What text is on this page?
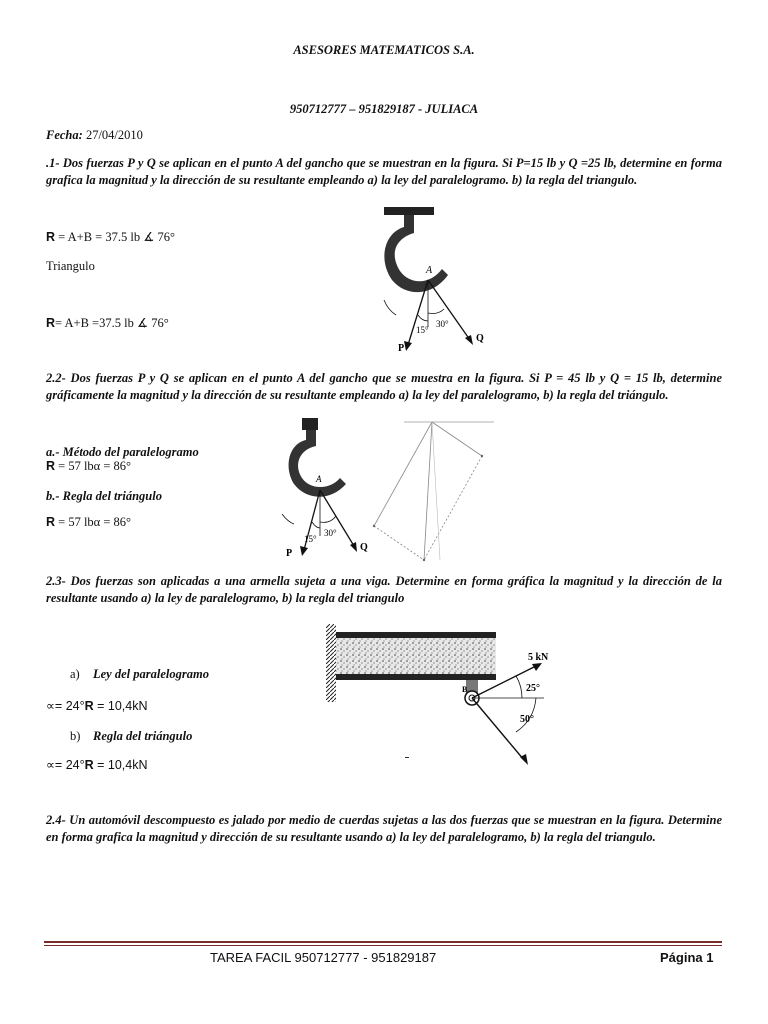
ASESORES MATEMATICOS S.A.
950712777 – 951829187 - JULIACA
Fecha: 27/04/2010
.1- Dos fuerzas P y Q se aplican en el punto A del gancho que se muestran en la figura. Si P=15 lb y Q =25 lb, determine en forma grafica la magnitud y la dirección de su resultante empleando a) la ley del paralelogramo. b) la regla del triangulo.
R = A+B = 37.5 lb ∡ 76°
Triangulo
R= A+B =37.5 lb ∡ 76°
A
P
Q
15°
30°
2.2- Dos fuerzas P y Q se aplican en el punto A del gancho que se muestra en la figura. Si P = 45 lb y Q = 15 lb, determine gráficamente la magnitud y la dirección de su resultante empleando a) la ley del paralelogramo, b) la regla del triángulo.
a.- Método del paralelogramo
R = 57 lbα = 86°
b.- Regla del triángulo
R = 57 lbα = 86°
A
P
Q
15°
30°
2.3- Dos fuerzas son aplicadas a una armella sujeta a una viga. Determine en forma gráfica la magnitud y la dirección de la resultante usando a) la ley de paralelogramo, b) la regla del triangulo
a) Ley del paralelogramo
∝= 24°R = 10,4kN
b) Regla del triángulo
∝= 24°R = 10,4kN
5 kN
25°
50°
B
2.4- Un automóvil descompuesto es jalado por medio de cuerdas sujetas a las dos fuerzas que se muestran en la figura. Determine en forma grafica la magnitud y dirección de su resultante usando a) la ley del paralelogramo, b) la regla del triangulo.
TAREA FACIL 950712777 - 951829187	Página 1
